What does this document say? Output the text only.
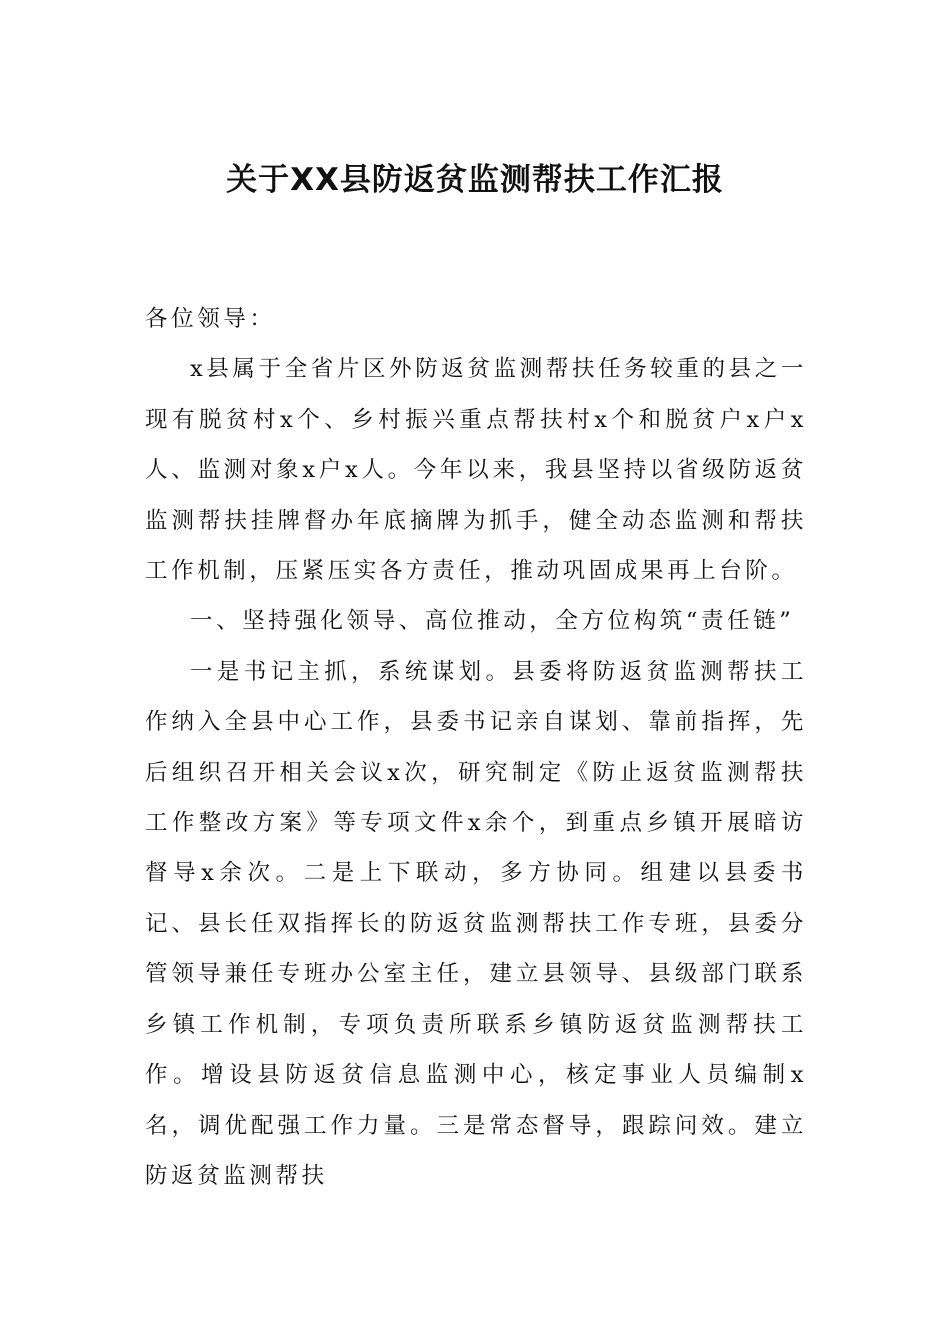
关于XX县防返贫监测帮扶工作汇报

各位领导：

x县属于全省片区外防返贫监测帮扶任务较重的县之一现有脱贫村x个、乡村振兴重点帮扶村x个和脱贫户x户x人、监测对象x户x人。今年以来，我县坚持以省级防返贫监测帮扶挂牌督办年底摘牌为抓手，健全动态监测和帮扶工作机制，压紧压实各方责任，推动巩固成果再上台阶。

一、坚持强化领导、高位推动，全方位构筑“责任链”

一是书记主抓，系统谋划。县委将防返贫监测帮扶工作纳入全县中心工作，县委书记亲自谋划、靠前指挥，先后组织召开相关会议x次，研究制定《防止返贫监测帮扶工作整改方案》等专项文件x余个，到重点乡镇开展暗访督导x余次。二是上下联动，多方协同。组建以县委书记、县长任双指挥长的防返贫监测帮扶工作专班，县委分管领导兼任专班办公室主任，建立县领导、县级部门联系乡镇工作机制，专项负责所联系乡镇防返贫监测帮扶工作。增设县防返贫信息监测中心，核定事业人员编制x名，调优配强工作力量。三是常态督导，跟踪问效。建立防返贫监测帮扶
